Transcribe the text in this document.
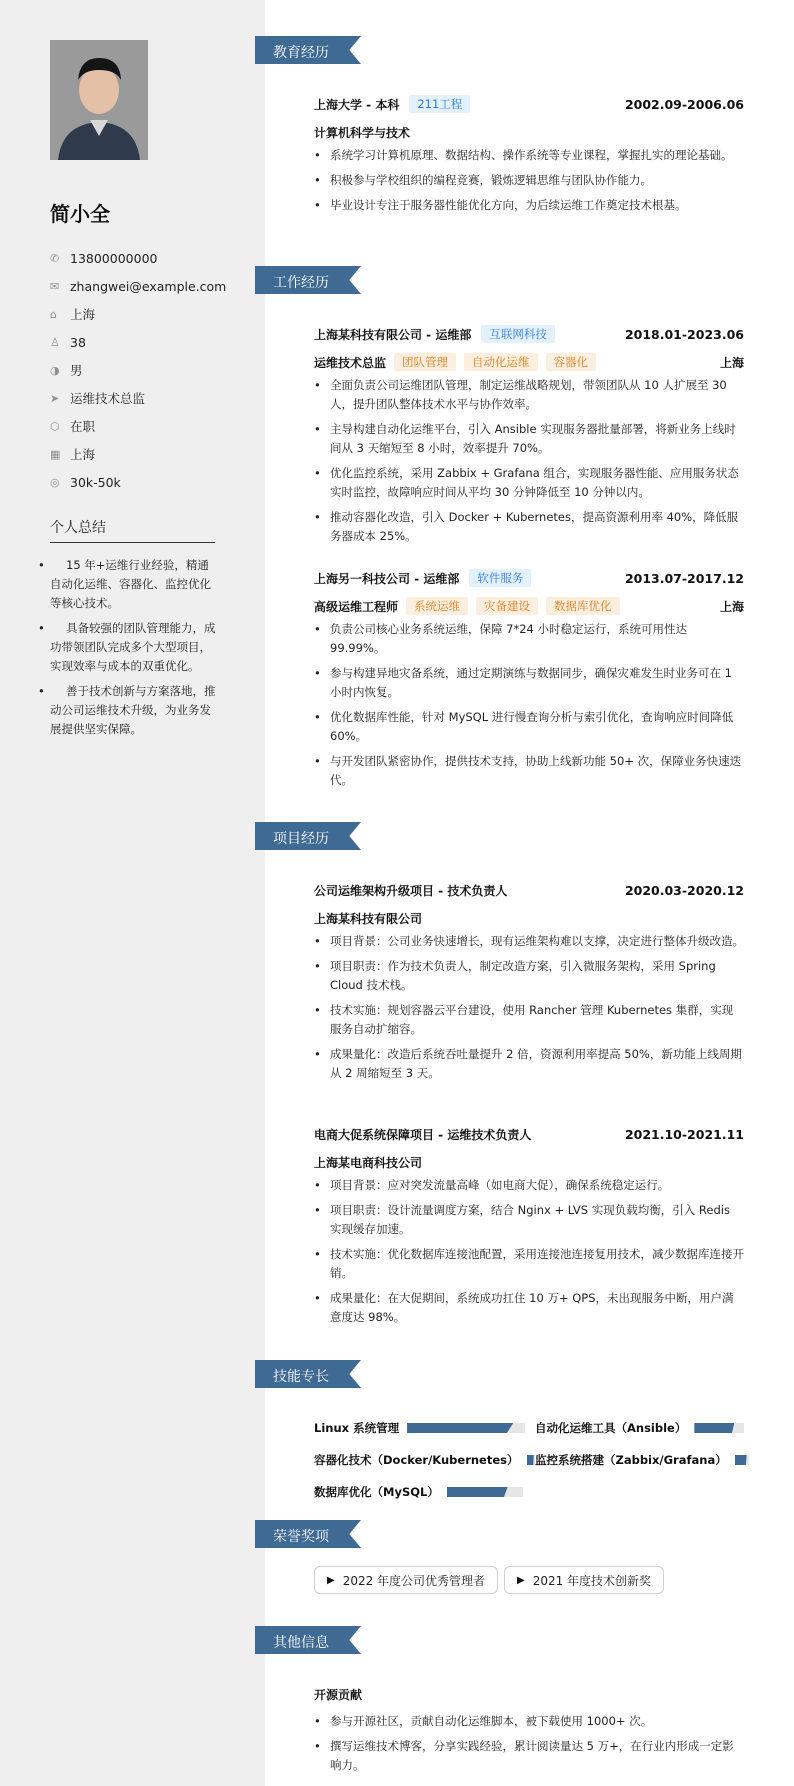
简小全
✆ 13800000000
✉ zhangwei@example.com
⌂	上海
♙ 38
◑ 男
➤ 运维技术总监
⬡ 在职
▦ 上海
◎ 30k-50k
个人总结
• 15 年+运维行业经验，精通自动化运维、容器化、监控优化等核心技术。
• 具备较强的团队管理能力，成功带领团队完成多个大型项目，实现效率与成本的双重优化。
• 善于技术创新与方案落地，推动公司运维技术升级，为业务发展提供坚实保障。
教育经历
工作经历
项目经历
技能专长
荣誉奖项
其他信息
上海大学 - 本科	211工程	2002.09-2006.06
计算机科学与技术
• 系统学习计算机原理、数据结构、操作系统等专业课程，掌握扎实的理论基础。
• 积极参与学校组织的编程竞赛，锻炼逻辑思维与团队协作能力。
• 毕业设计专注于服务器性能优化方向，为后续运维工作奠定技术根基。
上海某科技有限公司 - 运维部	互联网科技	2018.01-2023.06
运维技术总监	团队管理	自动化运维	容器化	上海
• 全面负责公司运维团队管理，制定运维战略规划，带领团队从 10 人扩展至 30 人，提升团队整体技术水平与协作效率。
• 主导构建自动化运维平台，引入 Ansible 实现服务器批量部署，将新业务上线时间从 3 天缩短至 8 小时，效率提升 70%。
• 优化监控系统，采用 Zabbix + Grafana 组合，实现服务器性能、应用服务状态实时监控，故障响应时间从平均 30 分钟降低至 10 分钟以内。
• 推动容器化改造，引入 Docker + Kubernetes，提高资源利用率 40%，降低服务器成本 25%。
上海另一科技公司 - 运维部	软件服务	2013.07-2017.12
高级运维工程师	系统运维	灾备建设	数据库优化	上海
• 负责公司核心业务系统运维，保障 7*24 小时稳定运行，系统可用性达 99.99%。
• 参与构建异地灾备系统，通过定期演练与数据同步，确保灾难发生时业务可在 1 小时内恢复。
• 优化数据库性能，针对 MySQL 进行慢查询分析与索引优化，查询响应时间降低 60%。
• 与开发团队紧密协作，提供技术支持，协助上线新功能 50+ 次，保障业务快速迭代。
公司运维架构升级项目 - 技术负责人	2020.03-2020.12
上海某科技有限公司
• 项目背景：公司业务快速增长，现有运维架构难以支撑，决定进行整体升级改造。
• 项目职责：作为技术负责人，制定改造方案，引入微服务架构，采用 Spring Cloud 技术栈。
• 技术实施：规划容器云平台建设，使用 Rancher 管理 Kubernetes 集群，实现服务自动扩缩容。
• 成果量化：改造后系统吞吐量提升 2 倍，资源利用率提高 50%，新功能上线周期从 2 周缩短至 3 天。
电商大促系统保障项目 - 运维技术负责人	2021.10-2021.11
上海某电商科技公司
• 项目背景：应对突发流量高峰（如电商大促），确保系统稳定运行。
• 项目职责：设计流量调度方案，结合 Nginx + LVS 实现负载均衡，引入 Redis 实现缓存加速。
• 技术实施：优化数据库连接池配置，采用连接池连接复用技术，减少数据库连接开销。
• 成果量化：在大促期间，系统成功扛住 10 万+ QPS，未出现服务中断，用户满意度达 98%。
Linux 系统管理	自动化运维工具（Ansible）
容器化技术（Docker/Kubernetes） 监控系统搭建（Zabbix/Grafana）
数据库优化（MySQL）
▶ 2022 年度公司优秀管理者	▶ 2021 年度技术创新奖
开源贡献
• 参与开源社区，贡献自动化运维脚本，被下载使用 1000+ 次。
• 撰写运维技术博客，分享实践经验，累计阅读量达 5 万+，在行业内形成一定影响力。
